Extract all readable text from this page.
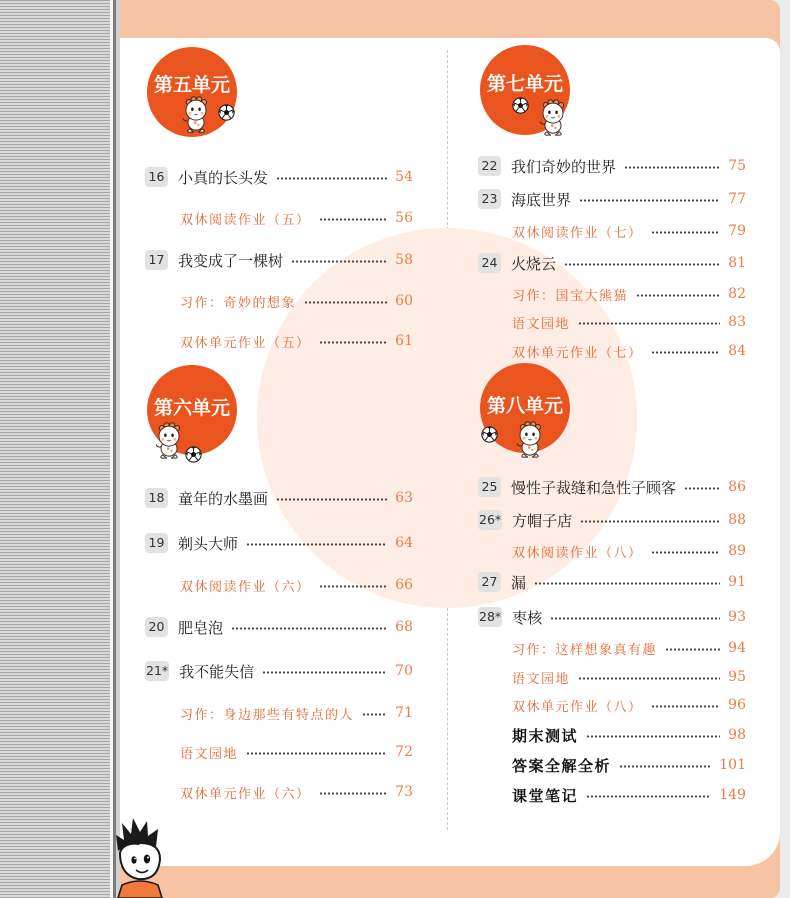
第五单元
16 小真的长头发	54
双休阅读作业（五）	56
17 我变成了一棵树	58
习作：奇妙的想象	60
双休单元作业（五）	61
第六单元
18 童年的水墨画	63
19 剃头大师	64
双休阅读作业（六）	66
20 肥皂泡	68
21* 我不能失信	70
习作：身边那些有特点的人	71
语文园地	72
双休单元作业（六）	73
第七单元
22 我们奇妙的世界	75
23 海底世界	77
双休阅读作业（七）	79
24 火烧云	81
习作：国宝大熊猫	82
语文园地	83
双休单元作业（七）	84
第八单元
25 慢性子裁缝和急性子顾客	86
26* 方帽子店	88
双休阅读作业（八）	89
27 漏	91
28* 枣核	93
习作：这样想象真有趣	94
语文园地	95
双休单元作业（八）	96
期末测试	98
答案全解全析	101
课堂笔记	149
